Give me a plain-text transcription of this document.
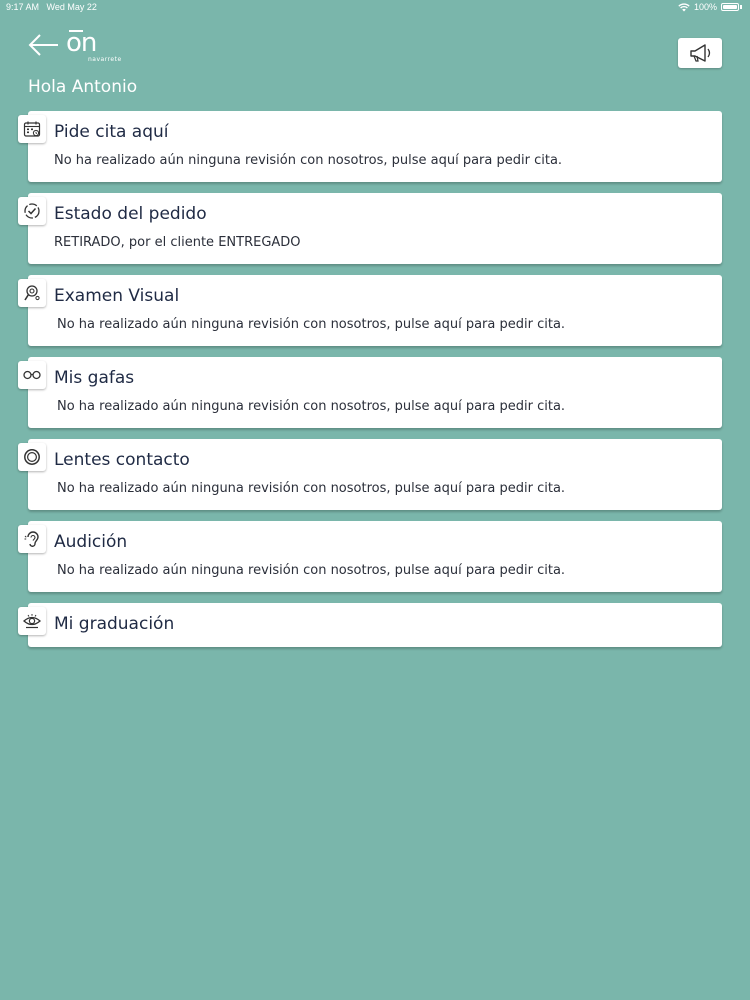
9:17 AM Wed May 22	100%
on
navarrete
Hola Antonio
Pide cita aquí
No ha realizado aún ninguna revisión con nosotros, pulse aquí para pedir cita.
Estado del pedido
RETIRADO, por el cliente ENTREGADO
Examen Visual
No ha realizado aún ninguna revisión con nosotros, pulse aquí para pedir cita.
Mis gafas
No ha realizado aún ninguna revisión con nosotros, pulse aquí para pedir cita.
Lentes contacto
No ha realizado aún ninguna revisión con nosotros, pulse aquí para pedir cita.
Audición
No ha realizado aún ninguna revisión con nosotros, pulse aquí para pedir cita.
Mi graduación
